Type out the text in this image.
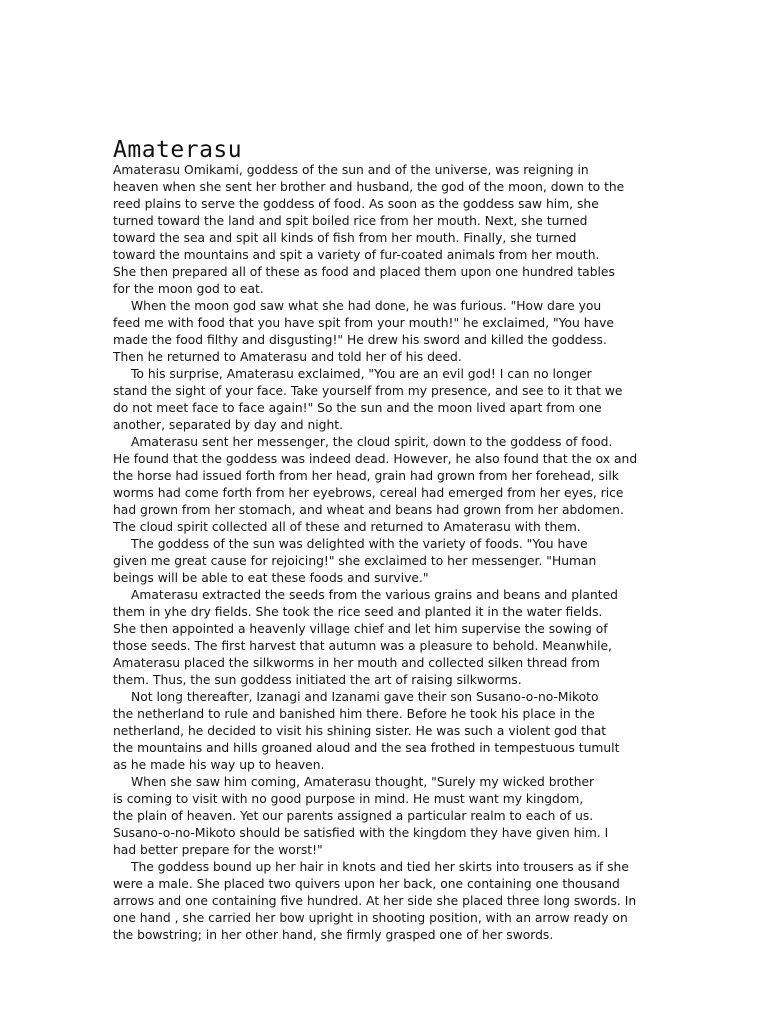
Amaterasu
Amaterasu Omikami, goddess of the sun and of the universe, was reigning in
heaven when she sent her brother and husband, the god of the moon, down to the
reed plains to serve the goddess of food. As soon as the goddess saw him, she
turned toward the land and spit boiled rice from her mouth. Next, she turned
toward the sea and spit all kinds of fish from her mouth. Finally, she turned
toward the mountains and spit a variety of fur-coated animals from her mouth.
She then prepared all of these as food and placed them upon one hundred tables
for the moon god to eat.
When the moon god saw what she had done, he was furious. "How dare you
feed me with food that you have spit from your mouth!" he exclaimed, "You have
made the food filthy and disgusting!" He drew his sword and killed the goddess.
Then he returned to Amaterasu and told her of his deed.
To his surprise, Amaterasu exclaimed, "You are an evil god! I can no longer
stand the sight of your face. Take yourself from my presence, and see to it that we
do not meet face to face again!" So the sun and the moon lived apart from one
another, separated by day and night.
Amaterasu sent her messenger, the cloud spirit, down to the goddess of food.
He found that the goddess was indeed dead. However, he also found that the ox and
the horse had issued forth from her head, grain had grown from her forehead, silk
worms had come forth from her eyebrows, cereal had emerged from her eyes, rice
had grown from her stomach, and wheat and beans had grown from her abdomen.
The cloud spirit collected all of these and returned to Amaterasu with them.
The goddess of the sun was delighted with the variety of foods. "You have
given me great cause for rejoicing!" she exclaimed to her messenger. "Human
beings will be able to eat these foods and survive."
Amaterasu extracted the seeds from the various grains and beans and planted
them in yhe dry fields. She took the rice seed and planted it in the water fields.
She then appointed a heavenly village chief and let him supervise the sowing of
those seeds. The first harvest that autumn was a pleasure to behold. Meanwhile,
Amaterasu placed the silkworms in her mouth and collected silken thread from
them. Thus, the sun goddess initiated the art of raising silkworms.
Not long thereafter, Izanagi and Izanami gave their son Susano-o-no-Mikoto
the netherland to rule and banished him there. Before he took his place in the
netherland, he decided to visit his shining sister. He was such a violent god that
the mountains and hills groaned aloud and the sea frothed in tempestuous tumult
as he made his way up to heaven.
When she saw him coming, Amaterasu thought, "Surely my wicked brother
is coming to visit with no good purpose in mind. He must want my kingdom,
the plain of heaven. Yet our parents assigned a particular realm to each of us.
Susano-o-no-Mikoto should be satisfied with the kingdom they have given him. I
had better prepare for the worst!"
The goddess bound up her hair in knots and tied her skirts into trousers as if she
were a male. She placed two quivers upon her back, one containing one thousand
arrows and one containing five hundred. At her side she placed three long swords. In
one hand , she carried her bow upright in shooting position, with an arrow ready on
the bowstring; in her other hand, she firmly grasped one of her swords.
